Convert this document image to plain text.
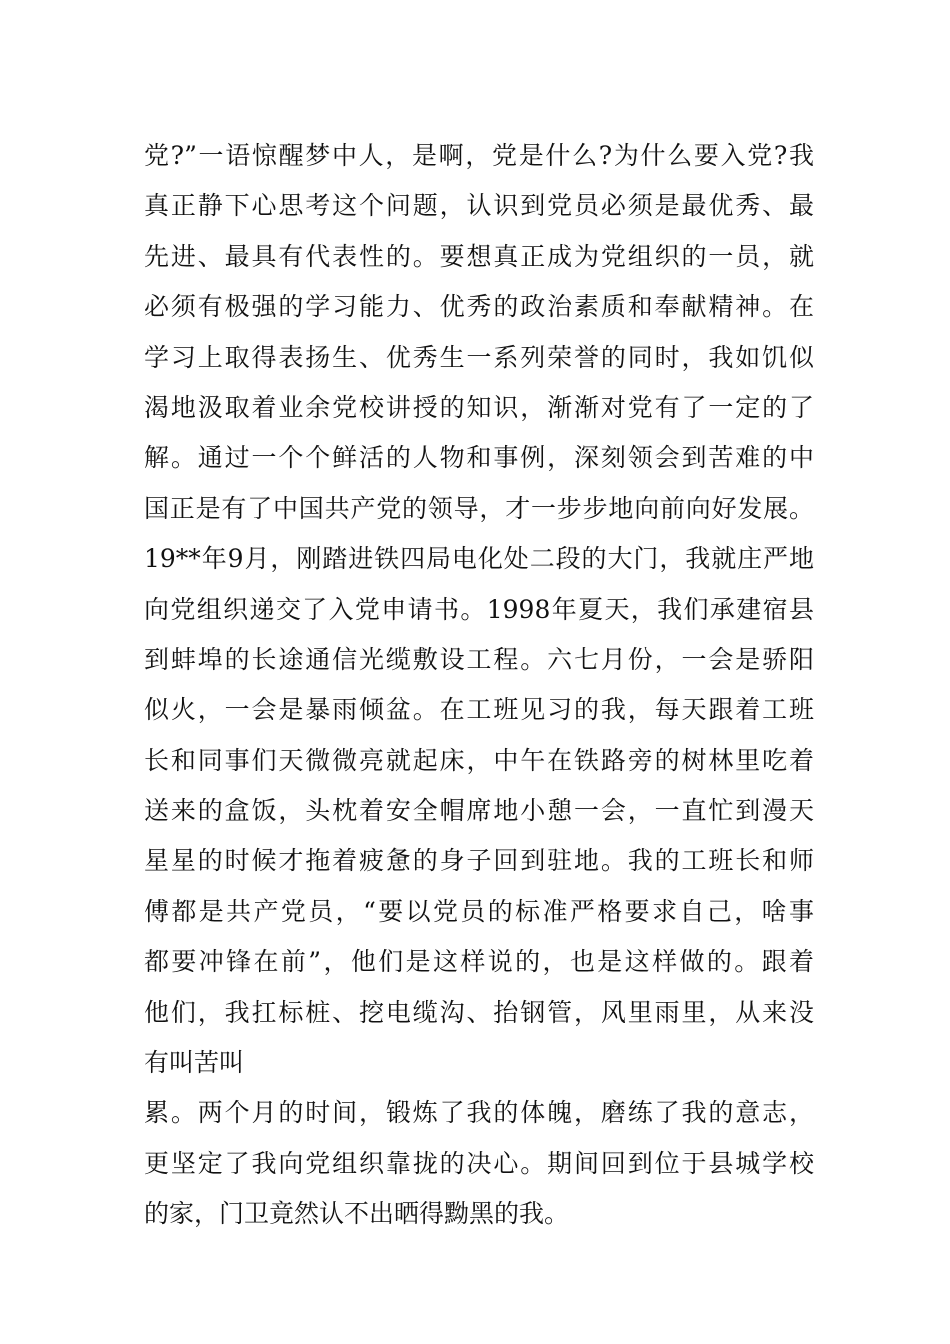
党?”一语惊醒梦中人，是啊，党是什么?为什么要入党?我
真正静下心思考这个问题，认识到党员必须是最优秀、最
先进、最具有代表性的。要想真正成为党组织的一员，就
必须有极强的学习能力、优秀的政治素质和奉献精神。在
学习上取得表扬生、优秀生一系列荣誉的同时，我如饥似
渴地汲取着业余党校讲授的知识，渐渐对党有了一定的了
解。通过一个个鲜活的人物和事例，深刻领会到苦难的中
国正是有了中国共产党的领导，才一步步地向前向好发展。
19**年9月，刚踏进铁四局电化处二段的大门，我就庄严地
向党组织递交了入党申请书。1998年夏天，我们承建宿县
到蚌埠的长途通信光缆敷设工程。六七月份，一会是骄阳
似火，一会是暴雨倾盆。在工班见习的我，每天跟着工班
长和同事们天微微亮就起床，中午在铁路旁的树林里吃着
送来的盒饭，头枕着安全帽席地小憩一会，一直忙到漫天
星星的时候才拖着疲惫的身子回到驻地。我的工班长和师
傅都是共产党员，“要以党员的标准严格要求自己，啥事
都要冲锋在前”，他们是这样说的，也是这样做的。跟着
他们，我扛标桩、挖电缆沟、抬钢管，风里雨里，从来没
有叫苦叫
累。两个月的时间，锻炼了我的体魄，磨练了我的意志，
更坚定了我向党组织靠拢的决心。期间回到位于县城学校
的家，门卫竟然认不出晒得黝黑的我。
